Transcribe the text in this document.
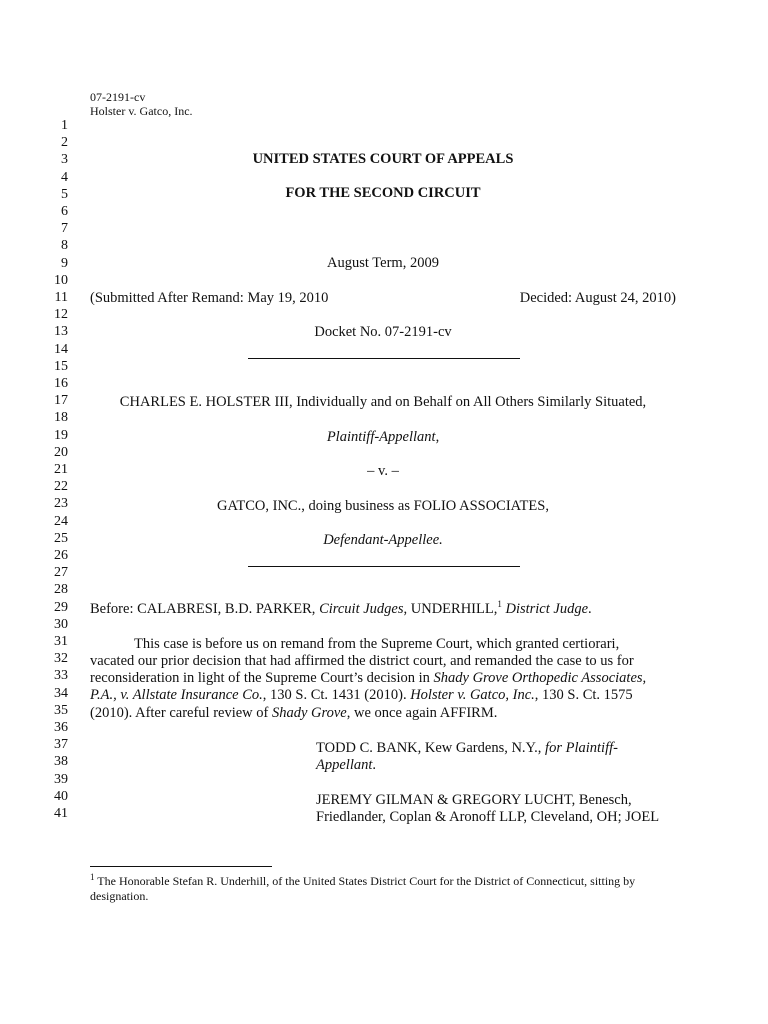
07-2191-cv
Holster v. Gatco, Inc.
1
2
3
4
5
6
7
8
9
10
11
12
13
14
15
16
17
18
19
20
21
22
23
24
25
26
27
28
29
30
31
32
33
34
35
36
37
38
39
40
41
UNITED STATES COURT OF APPEALS
FOR THE SECOND CIRCUIT
August Term, 2009
(Submitted After Remand: May 19, 2010	Decided: August 24, 2010)
Docket No. 07-2191-cv
CHARLES E. HOLSTER III, Individually and on Behalf on All Others Similarly Situated,
Plaintiff-Appellant,
– v. –
GATCO, INC., doing business as FOLIO ASSOCIATES,
Defendant-Appellee.
Before: CALABRESI, B.D. PARKER, Circuit Judges, UNDERHILL,$^1$ District Judge.
This case is before us on remand from the Supreme Court, which granted certiorari,
vacated our prior decision that had affirmed the district court, and remanded the case to us for
reconsideration in light of the Supreme Court’s decision in Shady Grove Orthopedic Associates,
P.A., v. Allstate Insurance Co., 130 S. Ct. 1431 (2010). Holster v. Gatco, Inc., 130 S. Ct. 1575
(2010). After careful review of Shady Grove, we once again AFFIRM.
TODD C. BANK, Kew Gardens, N.Y., for Plaintiff-
Appellant.
JEREMY GILMAN & GREGORY LUCHT, Benesch,
Friedlander, Coplan & Aronoff LLP, Cleveland, OH; JOEL
$^1$ The Honorable Stefan R. Underhill, of the United States District Court for the District of Connecticut, sitting by designation.
